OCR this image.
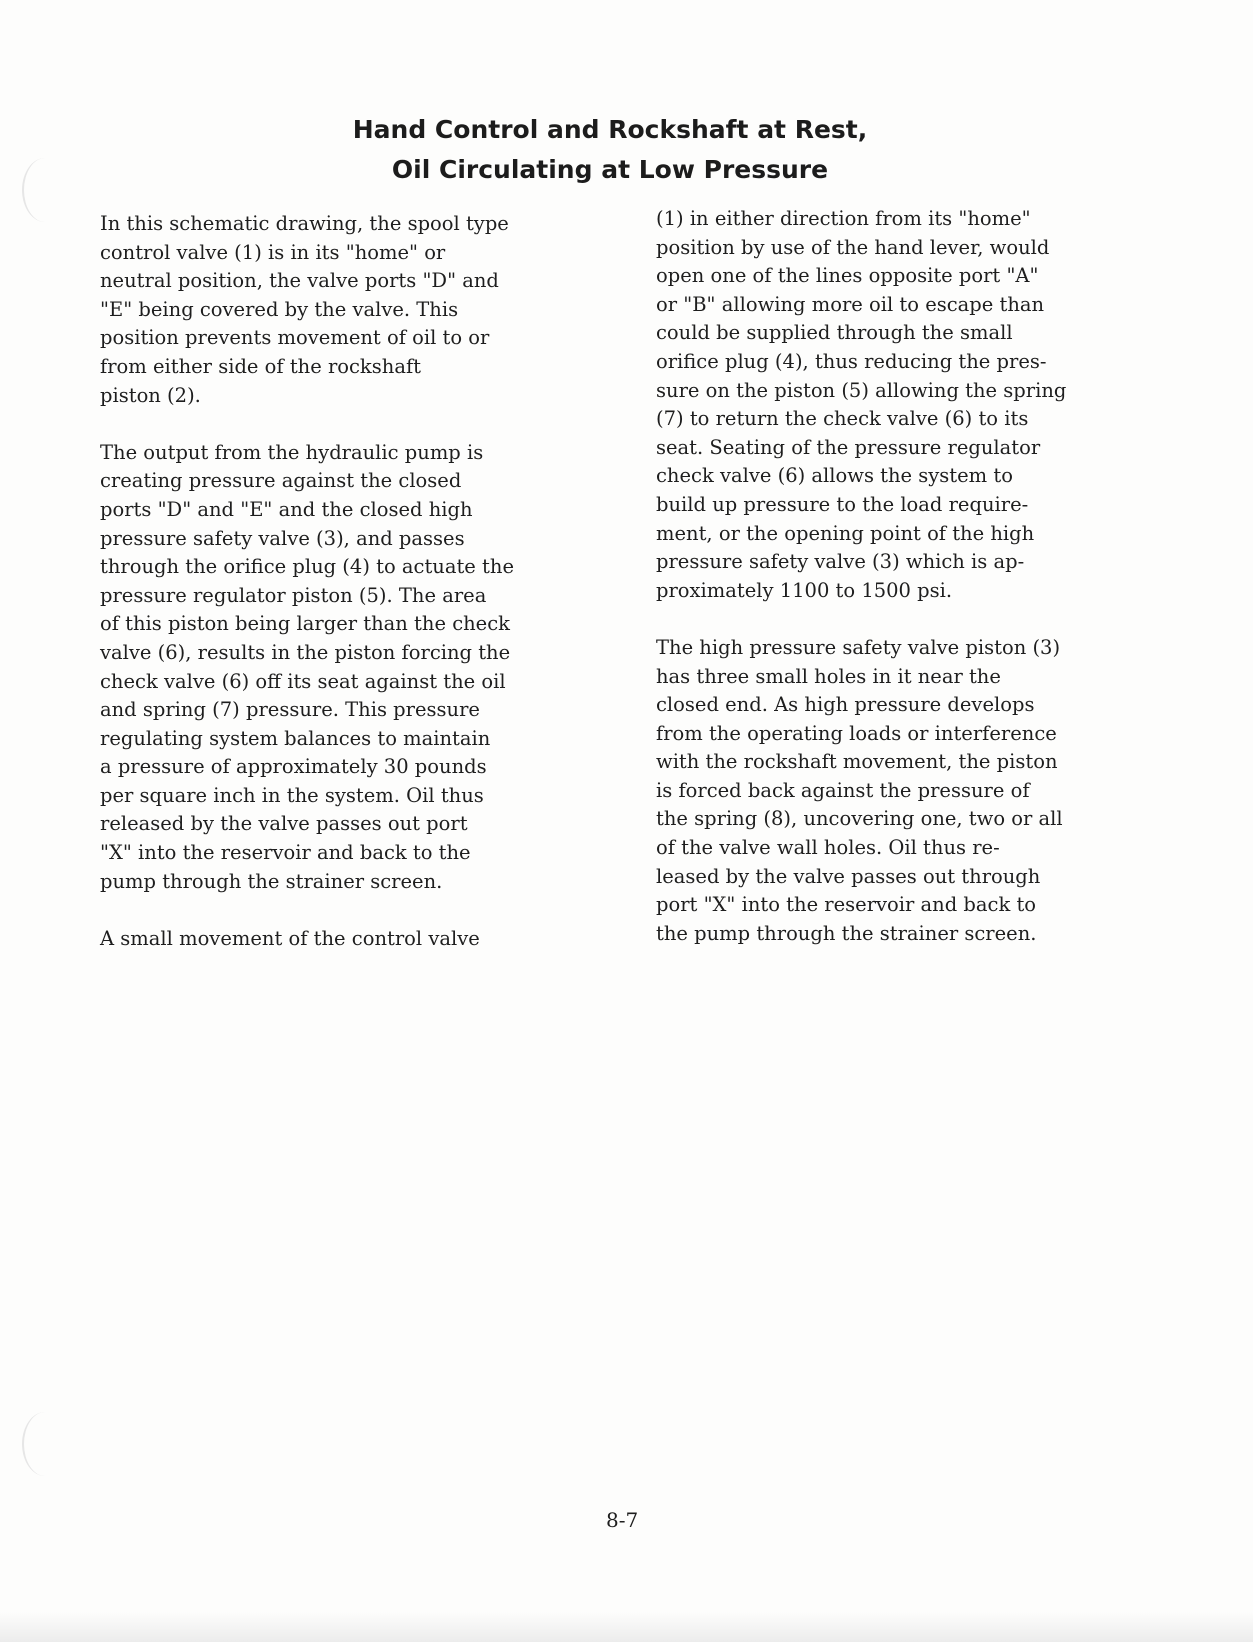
Hand Control and Rockshaft at Rest,
Oil Circulating at Low Pressure

In this schematic drawing, the spool type
control valve (1) is in its "home" or
neutral position, the valve ports "D" and
"E" being covered by the valve. This
position prevents movement of oil to or
from either side of the rockshaft
piston (2).

The output from the hydraulic pump is
creating pressure against the closed
ports "D" and "E" and the closed high
pressure safety valve (3), and passes
through the orifice plug (4) to actuate the
pressure regulator piston (5). The area
of this piston being larger than the check
valve (6), results in the piston forcing the
check valve (6) off its seat against the oil
and spring (7) pressure. This pressure
regulating system balances to maintain
a pressure of approximately 30 pounds
per square inch in the system. Oil thus
released by the valve passes out port
"X" into the reservoir and back to the
pump through the strainer screen.

A small movement of the control valve

(1) in either direction from its "home"
position by use of the hand lever, would
open one of the lines opposite port "A"
or "B" allowing more oil to escape than
could be supplied through the small
orifice plug (4), thus reducing the pres-
sure on the piston (5) allowing the spring
(7) to return the check valve (6) to its
seat. Seating of the pressure regulator
check valve (6) allows the system to
build up pressure to the load require-
ment, or the opening point of the high
pressure safety valve (3) which is ap-
proximately 1100 to 1500 psi.

The high pressure safety valve piston (3)
has three small holes in it near the
closed end. As high pressure develops
from the operating loads or interference
with the rockshaft movement, the piston
is forced back against the pressure of
the spring (8), uncovering one, two or all
of the valve wall holes. Oil thus re-
leased by the valve passes out through
port "X" into the reservoir and back to
the pump through the strainer screen.

8-7
